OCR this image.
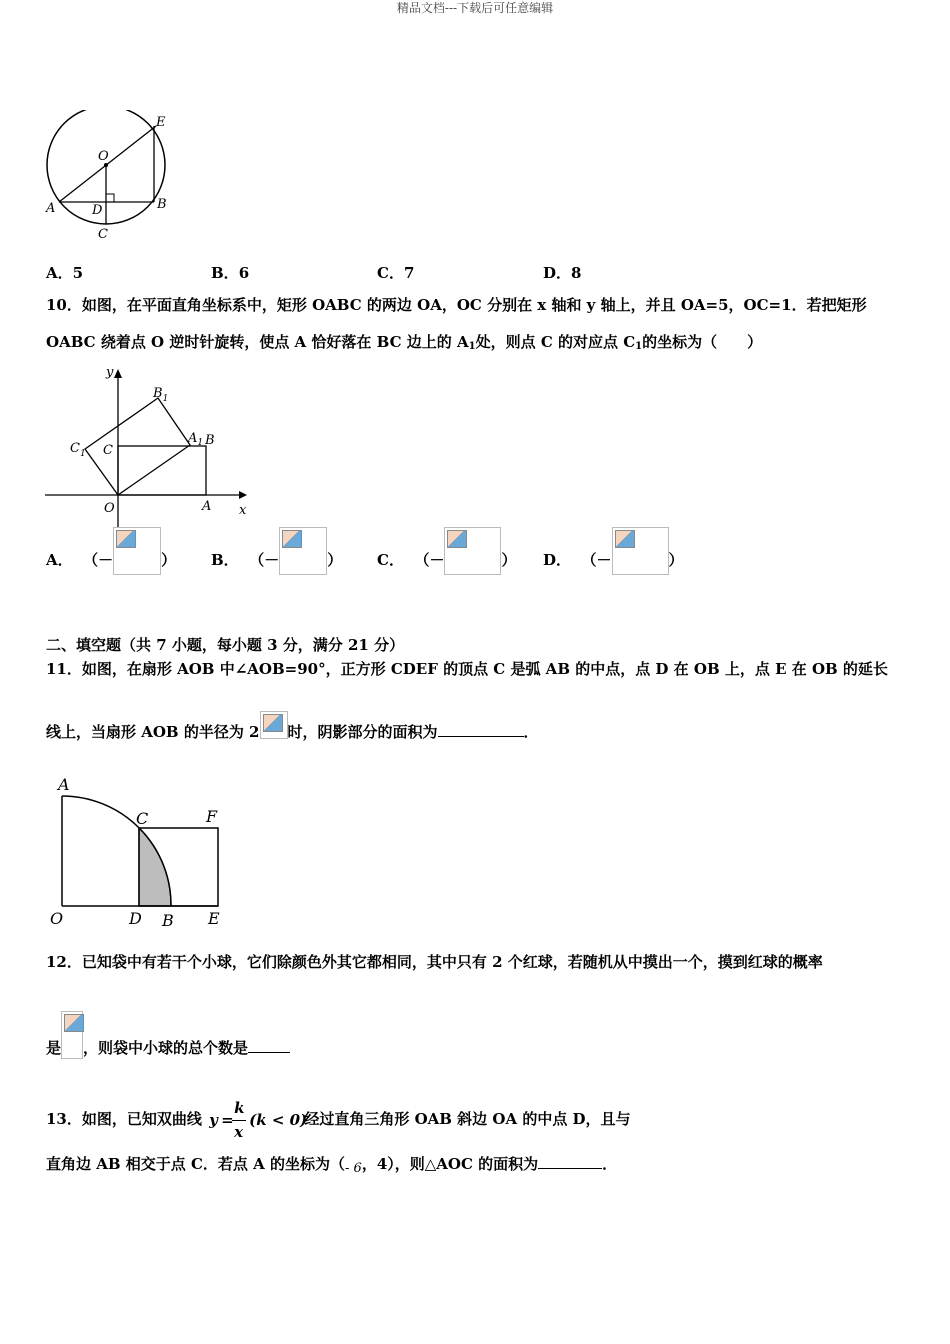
精品文档---下载后可任意编辑
E
O
A	D	B
C
A．5	B．6	C．7	D．8
10．如图，在平面直角坐标系中，矩形 OABC 的两边 OA，OC 分别在 x 轴和 y 轴上，并且 OA=5，OC=1．若把矩形
OABC 绕着点 O 逆时针旋转，使点 A 恰好落在 BC 边上的 $A_1$处，则点 C 的对应点 $C_1$的坐标为（　　）
y
x
$B_1$
$C_1$ C
$A_1$ B
O	A
A． （－	） B． （－	） C． （－	） D． （－	）
二、填空题（共 7 小题，每小题 3 分，满分 21 分）
11．如图，在扇形 AOB 中∠AOB=90°，正方形 CDEF 的顶点 C 是弧 AB 的中点，点 D 在 OB 上，点 E 在 OB 的延长
线上，当扇形 AOB 的半径为 2 时，阴影部分的面积为	．
A
C	F
O	D B E
12．已知袋中有若干个小球，它们除颜色外其它都相同，其中只有 2 个红球，若随机从中摸出一个，摸到红球的概率
是 ，则袋中小球的总个数是
13．如图，已知双曲线 y =
k
x
(k < 0)
经过直角三角形 OAB 斜边 OA 的中点 D，且与
直角边 AB 相交于点 C．若点 A 的坐标为（- 6，4），则△AOC 的面积为	．
